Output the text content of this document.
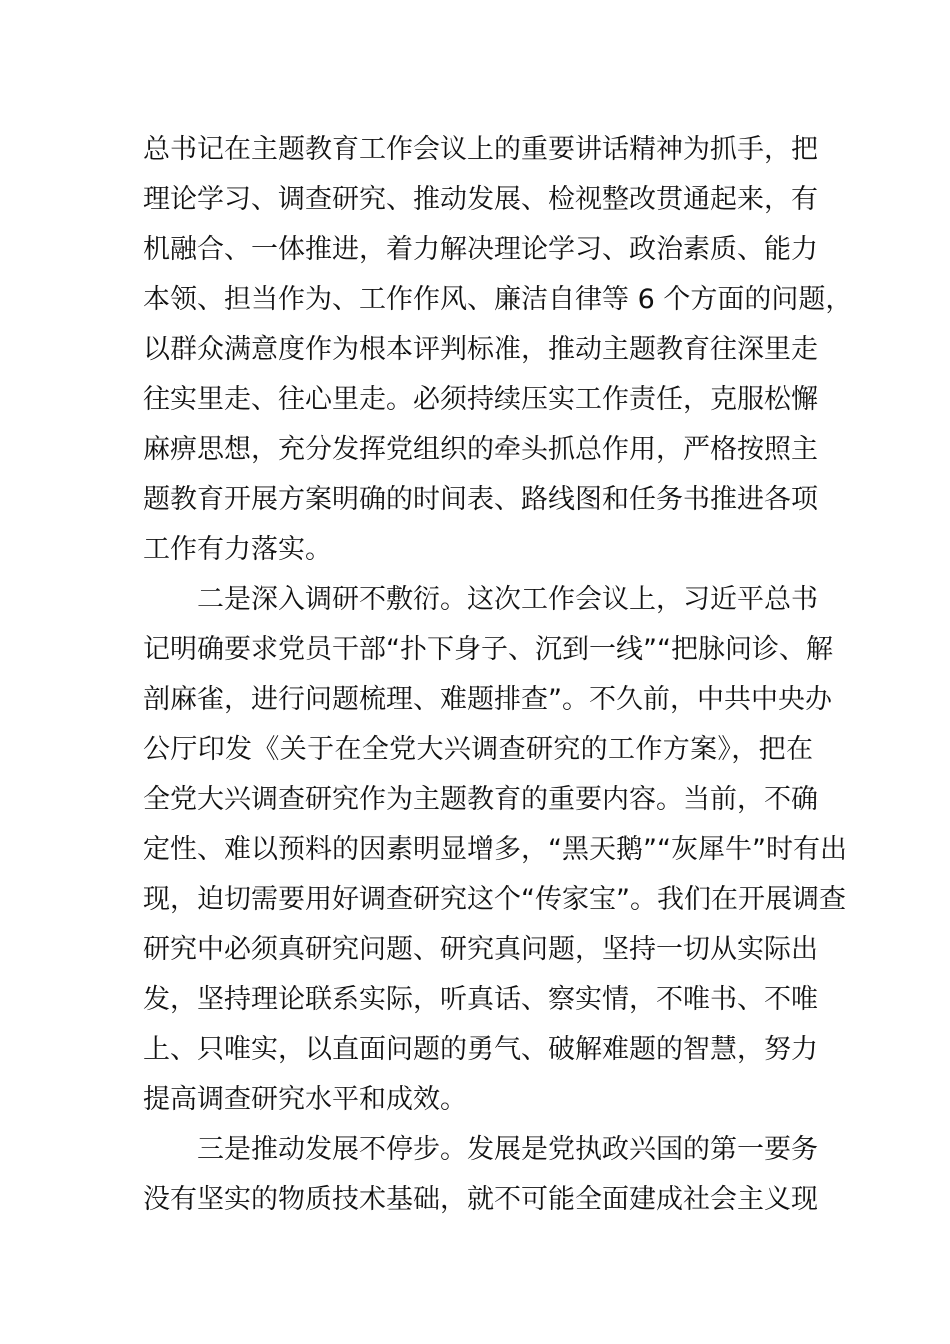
总书记在主题教育工作会议上的重要讲话精神为抓手，把
理论学习、调查研究、推动发展、检视整改贯通起来，有
机融合、一体推进，着力解决理论学习、政治素质、能力
本领、担当作为、工作作风、廉洁自律等 6 个方面的问题，
以群众满意度作为根本评判标准，推动主题教育往深里走
往实里走、往心里走。必须持续压实工作责任，克服松懈
麻痹思想，充分发挥党组织的牵头抓总作用，严格按照主
题教育开展方案明确的时间表、路线图和任务书推进各项
工作有力落实。
二是深入调研不敷衍。这次工作会议上，习近平总书
记明确要求党员干部“扑下身子、沉到一线”“把脉问诊、解
剖麻雀，进行问题梳理、难题排查”。不久前，中共中央办
公厅印发《关于在全党大兴调查研究的工作方案》，把在
全党大兴调查研究作为主题教育的重要内容。当前，不确
定性、难以预料的因素明显增多，“黑天鹅”“灰犀牛”时有出
现，迫切需要用好调查研究这个“传家宝”。我们在开展调查
研究中必须真研究问题、研究真问题，坚持一切从实际出
发，坚持理论联系实际，听真话、察实情，不唯书、不唯
上、只唯实，以直面问题的勇气、破解难题的智慧，努力
提高调查研究水平和成效。
三是推动发展不停步。发展是党执政兴国的第一要务
没有坚实的物质技术基础，就不可能全面建成社会主义现
